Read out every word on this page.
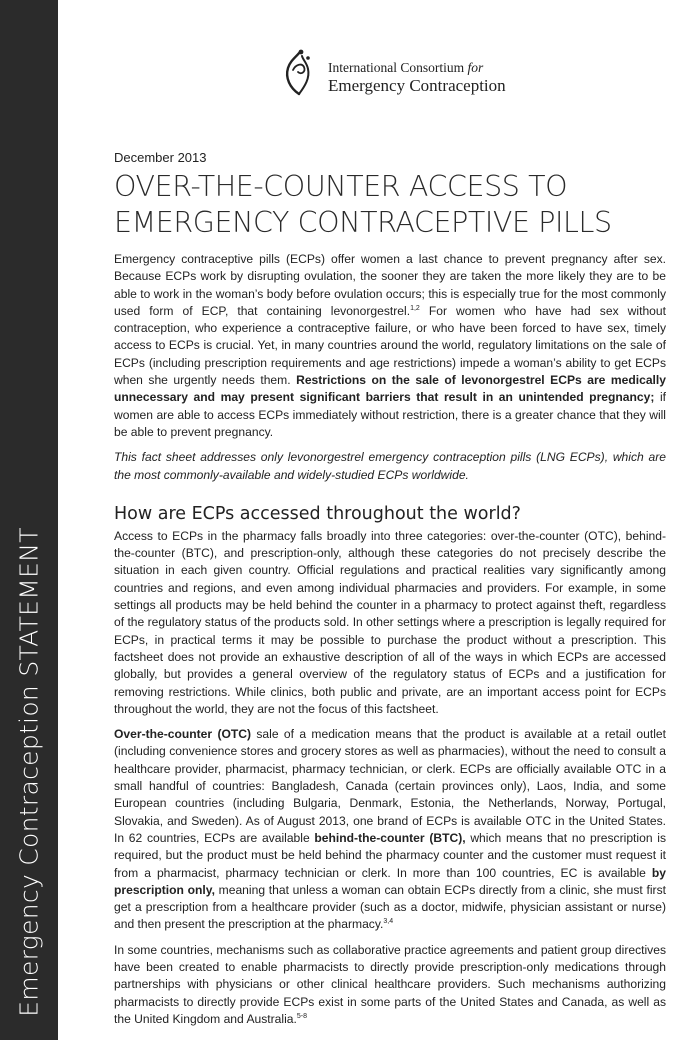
Emergency Contraception STATEMENT
International Consortium for
Emergency Contraception
December 2013
OVER-THE-COUNTER ACCESS TO
EMERGENCY CONTRACEPTIVE PILLS

Emergency contraceptive pills (ECPs) offer women a last chance to prevent pregnancy after sex. Because ECPs work by disrupting ovulation, the sooner they are taken the more likely they are to be able to work in the woman’s body before ovulation occurs; this is especially true for the most commonly used form of ECP, that containing levonorgestrel.$^{1,2}$ For women who have had sex without contraception, who experience a contraceptive failure, or who have been forced to have sex, timely access to ECPs is crucial. Yet, in many countries around the world, regulatory limitations on the sale of ECPs (including prescription requirements and age restrictions) impede a woman’s ability to get ECPs when she urgently needs them. Restrictions on the sale of levonorgestrel ECPs are medically unnecessary and may present significant barriers that result in an unintended pregnancy; if women are able to access ECPs immediately without restriction, there is a greater chance that they will be able to prevent pregnancy.

This fact sheet addresses only levonorgestrel emergency contraception pills (LNG ECPs), which are the most commonly-available and widely-studied ECPs worldwide.

How are ECPs accessed throughout the world?

Access to ECPs in the pharmacy falls broadly into three categories: over-the-counter (OTC), behind-the-counter (BTC), and prescription-only, although these categories do not precisely describe the situation in each given country. Official regulations and practical realities vary significantly among countries and regions, and even among individual pharmacies and providers. For example, in some settings all products may be held behind the counter in a pharmacy to protect against theft, regardless of the regulatory status of the products sold. In other settings where a prescription is legally required for ECPs, in practical terms it may be possible to purchase the product without a prescription. This factsheet does not provide an exhaustive description of all of the ways in which ECPs are accessed globally, but provides a general overview of the regulatory status of ECPs and a justification for removing restrictions. While clinics, both public and private, are an important access point for ECPs throughout the world, they are not the focus of this factsheet.

Over-the-counter (OTC) sale of a medication means that the product is available at a retail outlet (including convenience stores and grocery stores as well as pharmacies), without the need to consult a healthcare provider, pharmacist, pharmacy technician, or clerk. ECPs are officially available OTC in a small handful of countries: Bangladesh, Canada (certain provinces only), Laos, India, and some European countries (including Bulgaria, Denmark, Estonia, the Netherlands, Norway, Portugal, Slovakia, and Sweden). As of August 2013, one brand of ECPs is available OTC in the United States. In 62 countries, ECPs are available behind-the-counter (BTC), which means that no prescription is required, but the product must be held behind the pharmacy counter and the customer must request it from a pharmacist, pharmacy technician or clerk. In more than 100 countries, EC is available by prescription only, meaning that unless a woman can obtain ECPs directly from a clinic, she must first get a prescription from a healthcare provider (such as a doctor, midwife, physician assistant or nurse) and then present the prescription at the pharmacy.$^{3,4}$

In some countries, mechanisms such as collaborative practice agreements and patient group directives have been created to enable pharmacists to directly provide prescription-only medications through partnerships with physicians or other clinical healthcare providers. Such mechanisms authorizing pharmacists to directly provide ECPs exist in some parts of the United States and Canada, as well as the United Kingdom and Australia.$^{5-8}$
